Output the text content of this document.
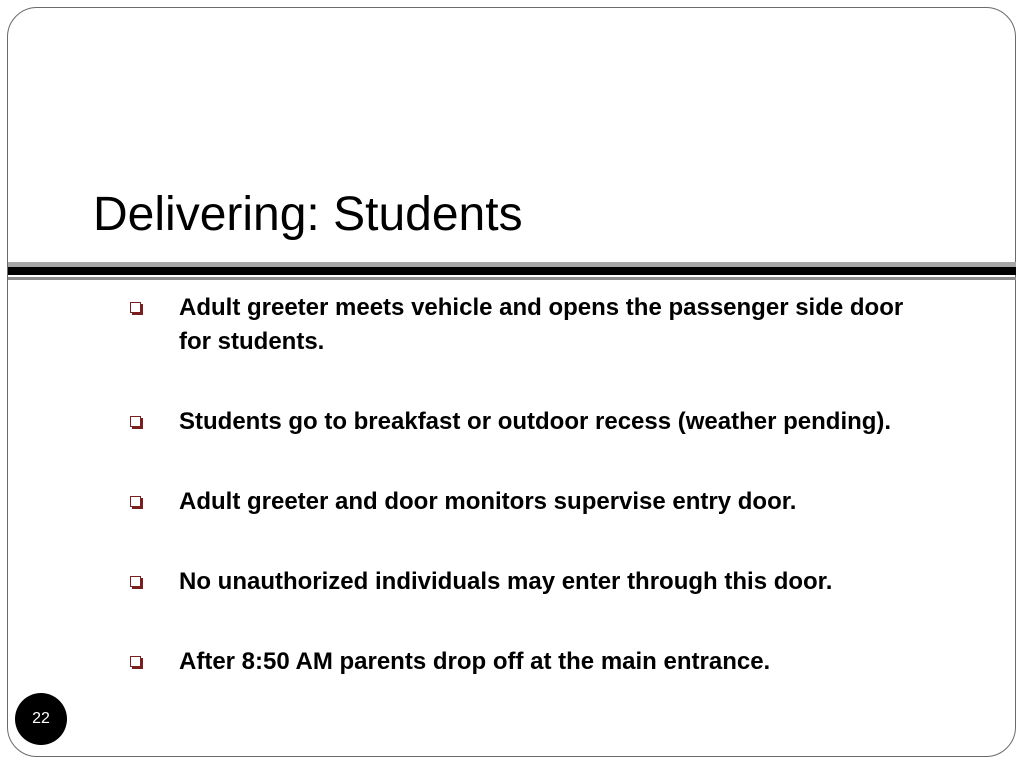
Delivering: Students
Adult greeter meets vehicle and opens the passenger side door for students.
Students go to breakfast or outdoor recess (weather pending).
Adult greeter and door monitors supervise entry door.
No unauthorized individuals may enter through this door.
After 8:50 AM parents drop off at the main entrance.
22
